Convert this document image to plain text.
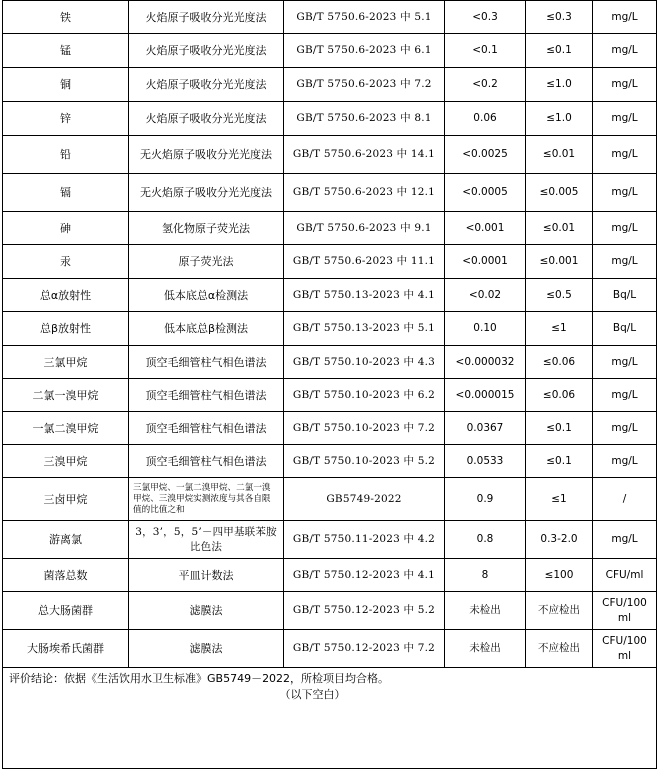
铁	火焰原子吸收分光光度法	GB/T 5750.6-2023 中 5.1	<0.3	≤0.3	mg/L
锰	火焰原子吸收分光光度法	GB/T 5750.6-2023 中 6.1	<0.1	≤0.1	mg/L
铜	火焰原子吸收分光光度法	GB/T 5750.6-2023 中 7.2	<0.2	≤1.0	mg/L
锌	火焰原子吸收分光光度法	GB/T 5750.6-2023 中 8.1	0.06	≤1.0	mg/L
铅	无火焰原子吸收分光光度法	GB/T 5750.6-2023 中 14.1	<0.0025	≤0.01	mg/L
镉	无火焰原子吸收分光光度法	GB/T 5750.6-2023 中 12.1	<0.0005	≤0.005	mg/L
砷	氢化物原子荧光法	GB/T 5750.6-2023 中 9.1	<0.001	≤0.01	mg/L
汞	原子荧光法	GB/T 5750.6-2023 中 11.1	<0.0001	≤0.001	mg/L
总α放射性	低本底总α检测法	GB/T 5750.13-2023 中 4.1	<0.02	≤0.5	Bq/L
总β放射性	低本底总β检测法	GB/T 5750.13-2023 中 5.1	0.10	≤1	Bq/L
三氯甲烷	顶空毛细管柱气相色谱法	GB/T 5750.10-2023 中 4.3	<0.000032	≤0.06	mg/L
二氯一溴甲烷	顶空毛细管柱气相色谱法	GB/T 5750.10-2023 中 6.2	<0.000015	≤0.06	mg/L
一氯二溴甲烷	顶空毛细管柱气相色谱法	GB/T 5750.10-2023 中 7.2	0.0367	≤0.1	mg/L
三溴甲烷	顶空毛细管柱气相色谱法	GB/T 5750.10-2023 中 5.2	0.0533	≤0.1	mg/L
三卤甲烷	三氯甲烷、一氯二溴甲烷、二氯一溴甲烷、三溴甲烷实测浓度与其各自限值的比值之和	GB5749-2022	0.9	≤1	/
游离氯	3，3’，5，5’－四甲基联苯胺比色法	GB/T 5750.11-2023 中 4.2	0.8	0.3-2.0	mg/L
菌落总数	平皿计数法	GB/T 5750.12-2023 中 4.1	8	≤100	CFU/ml
总大肠菌群	滤膜法	GB/T 5750.12-2023 中 5.2	未检出	不应检出	CFU/100 ml
大肠埃希氏菌群	滤膜法	GB/T 5750.12-2023 中 7.2	未检出	不应检出	CFU/100 ml

评价结论：依据《生活饮用水卫生标准》GB5749－2022，所检项目均合格。
（以下空白）					
